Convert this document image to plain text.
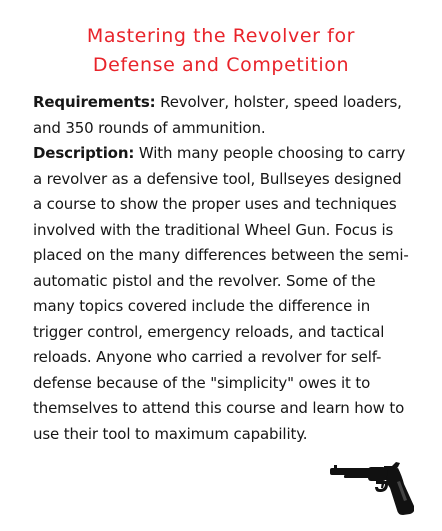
Mastering the Revolver for
Defense and Competition

Requirements: Revolver, holster, speed loaders, and 350 rounds of ammunition.

Description: With many people choosing to carry a revolver as a defensive tool, Bullseyes designed a course to show the proper uses and techniques involved with the traditional Wheel Gun. Focus is placed on the many differences between the semi-automatic pistol and the revolver. Some of the many topics covered include the difference in trigger control, emergency reloads, and tactical reloads. Anyone who carried a revolver for self-defense because of the "simplicity" owes it to themselves to attend this course and learn how to use their tool to maximum capability.
